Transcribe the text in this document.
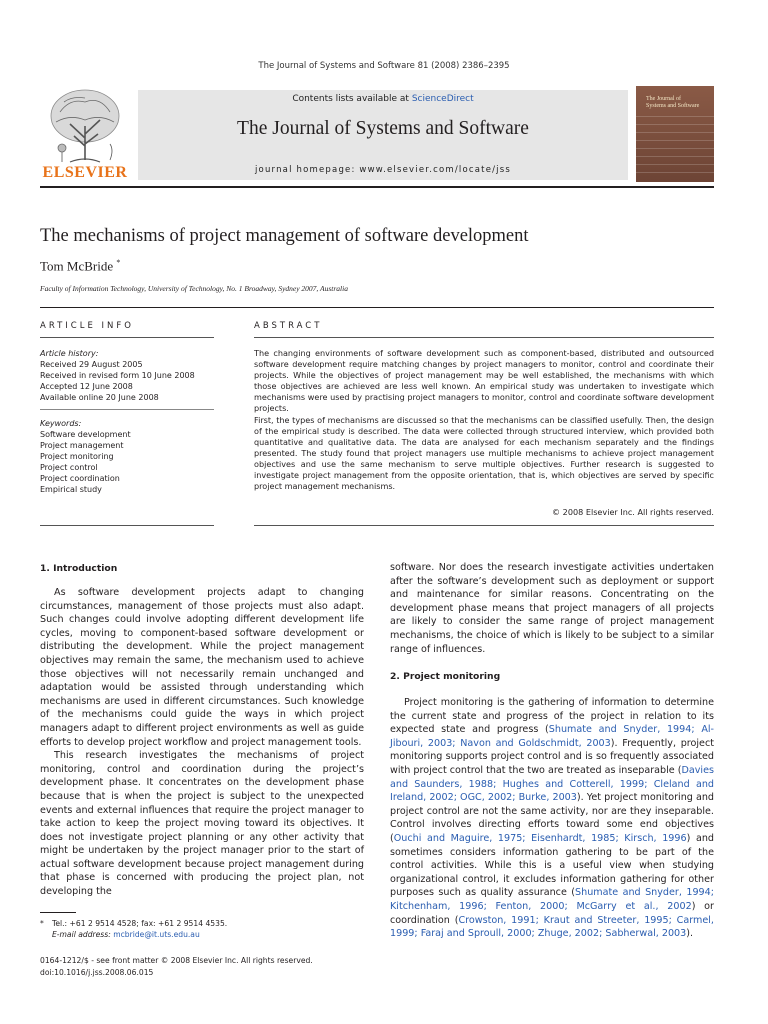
The Journal of Systems and Software 81 (2008) 2386–2395
ELSEVIER
Contents lists available at ScienceDirect
The Journal of Systems and Software
journal homepage: www.elsevier.com/locate/jss
The Journal of
Systems and Software
The mechanisms of project management of software development
Tom McBride *
Faculty of Information Technology, University of Technology, No. 1 Broadway, Sydney 2007, Australia
ARTICLE INFO	ABSTRACT
Article history:
Received 29 August 2005
Received in revised form 10 June 2008
Accepted 12 June 2008
Available online 20 June 2008
Keywords:
Software development
Project management
Project monitoring
Project control
Project coordination
Empirical study

The changing environments of software development such as component-based, distributed and outsourced software development require matching changes by project managers to monitor, control and coordinate their projects. While the objectives of project management may be well established, the mechanisms with which those objectives are achieved are less well known. An empirical study was undertaken to investigate which mechanisms were used by practising project managers to monitor, control and coordinate software development projects.

First, the types of mechanisms are discussed so that the mechanisms can be classified usefully. Then, the design of the empirical study is described. The data were collected through structured interview, which provided both quantitative and qualitative data. The data are analysed for each mechanism separately and the findings presented. The study found that project managers use multiple mechanisms to achieve project management objectives and use the same mechanism to serve multiple objectives. Further research is suggested to investigate project management from the opposite orientation, that is, which objectives are served by specific project management mechanisms.

© 2008 Elsevier Inc. All rights reserved.
1. Introduction

As software development projects adapt to changing circumstances, management of those projects must also adapt. Such changes could involve adopting different development life cycles, moving to component-based software development or distributing the development. While the project management objectives may remain the same, the mechanism used to achieve those objectives will not necessarily remain unchanged and adaptation would be assisted through understanding which mechanisms are used in different circumstances. Such knowledge of the mechanisms could guide the ways in which project managers adapt to different project environments as well as guide efforts to develop project workflow and project management tools.

This research investigates the mechanisms of project monitoring, control and coordination during the project’s development phase. It concentrates on the development phase because that is when the project is subject to the unexpected events and external influences that require the project manager to take action to keep the project moving toward its objectives. It does not investigate project planning or any other activity that might be undertaken by the project manager prior to the start of actual software development because project management during that phase is concerned with producing the project plan, not developing the

software. Nor does the research investigate activities undertaken after the software’s development such as deployment or support and maintenance for similar reasons. Concentrating on the development phase means that project managers of all projects are likely to consider the same range of project management mechanisms, the choice of which is likely to be subject to a similar range of influences.

2. Project monitoring

Project monitoring is the gathering of information to determine the current state and progress of the project in relation to its expected state and progress (Shumate and Snyder, 1994; Al-Jibouri, 2003; Navon and Goldschmidt, 2003). Frequently, project monitoring supports project control and is so frequently associated with project control that the two are treated as inseparable (Davies and Saunders, 1988; Hughes and Cotterell, 1999; Cleland and Ireland, 2002; OGC, 2002; Burke, 2003). Yet project monitoring and project control are not the same activity, nor are they inseparable. Control involves directing efforts toward some end objectives (Ouchi and Maguire, 1975; Eisenhardt, 1985; Kirsch, 1996) and sometimes considers information gathering to be part of the control activities. While this is a useful view when studying organizational control, it excludes information gathering for other purposes such as quality assurance (Shumate and Snyder, 1994; Kitchenham, 1996; Fenton, 2000; McGarry et al., 2002) or coordination (Crowston, 1991; Kraut and Streeter, 1995; Carmel, 1999; Faraj and Sproull, 2000; Zhuge, 2002; Sabherwal, 2003).

* Tel.: +61 2 9514 4528; fax: +61 2 9514 4535.
E-mail address: mcbride@it.uts.edu.au
0164-1212/$ - see front matter © 2008 Elsevier Inc. All rights reserved.
doi:10.1016/j.jss.2008.06.015
